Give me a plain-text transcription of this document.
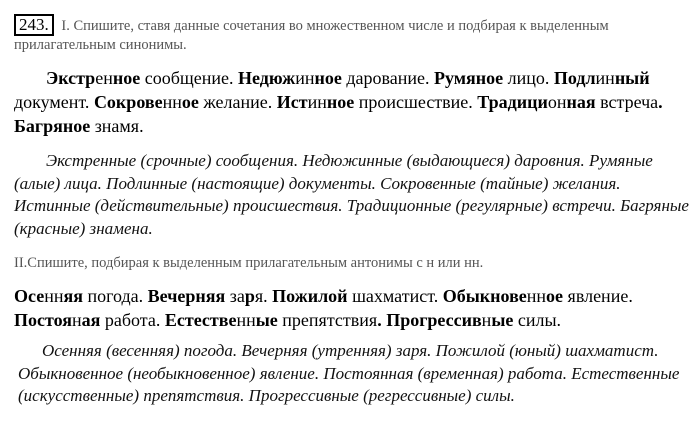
243. I. Спишите, ставя данные сочетания во множественном числе и подбирая к выделенным прилагательным синонимы.
Экстренное сообщение. Недюжинное дарование. Румяное лицо. Подлинный документ. Сокровенное желание. Истинное происшествие. Традиционная встреча. Багряное знамя.
Экстренные (срочные) сообщения. Недюжинные (выдающиеся) даровния. Румяные (алые) лица. Подлинные (настоящие) документы. Сокровенные (тайные) желания. Истинные (действительные) происшествия. Традиционные (регулярные) встречи. Багряные (красные) знамена.
II.Спишите, подбирая к выделенным прилагательным антонимы с н или нн.
Осенняя погода. Вечерняя заря. Пожилой шахматист. Обыкновенное явление. Постояная работа. Естественные препятствия. Прогрессивные силы.
Осенняя (весенняя) погода. Вечерняя (утренняя) заря. Пожилой (юный) шахматист. Обыкновенное (необыкновенное) явление. Постоянная (временная) работа. Естественные (искусственные) препятствия. Прогрессивные (регрессивные) силы.
